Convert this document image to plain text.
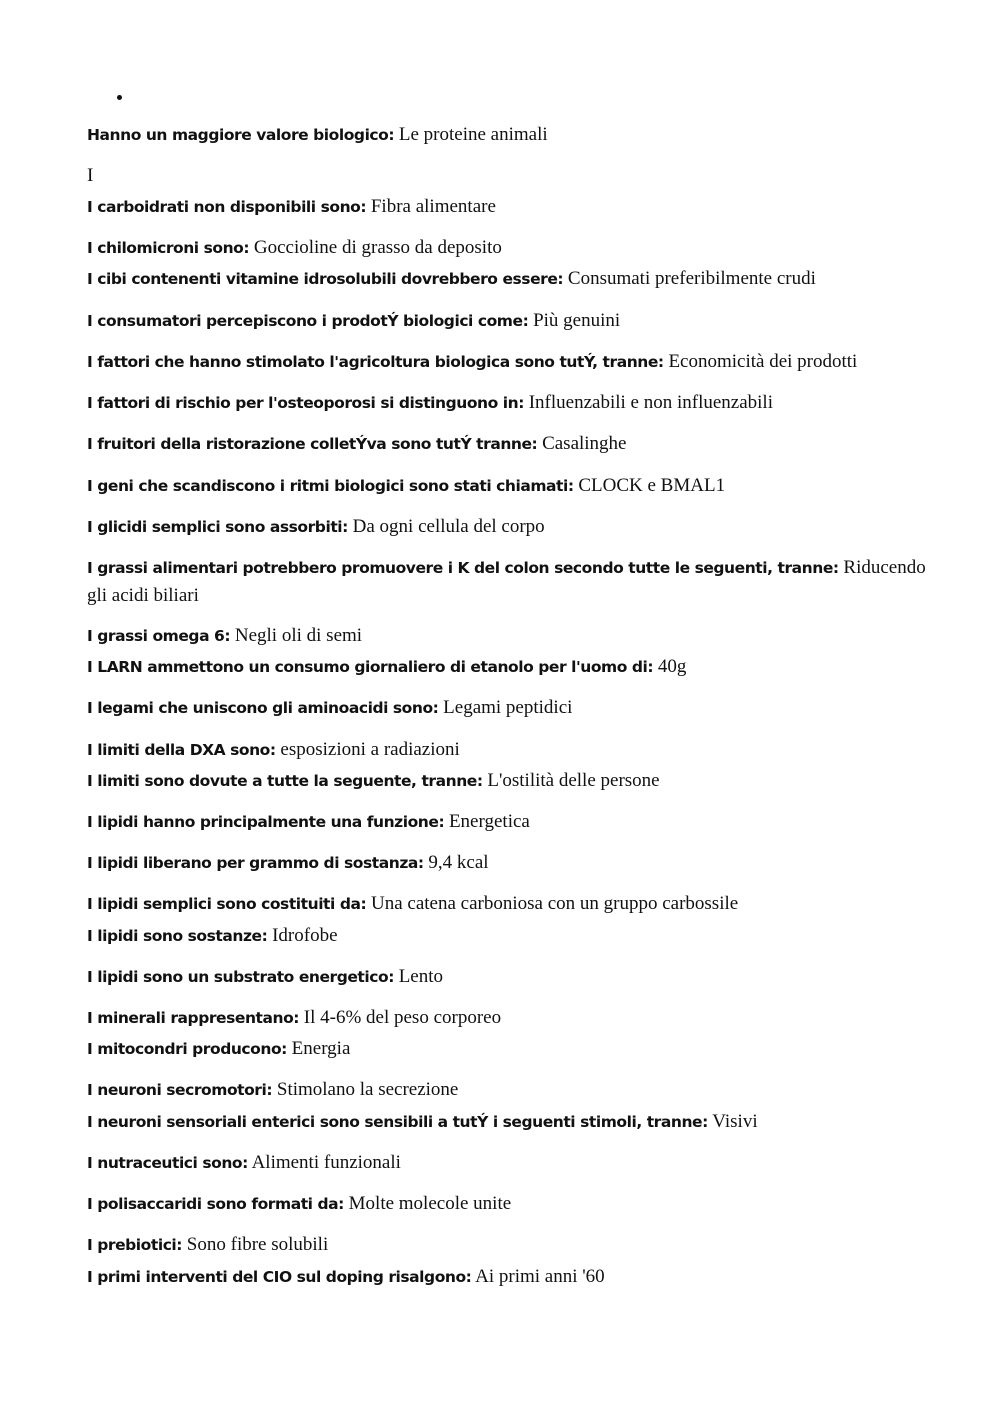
Hanno un maggiore valore biologico: Le proteine animali
I
I carboidrati non disponibili sono: Fibra alimentare
I chilomicroni sono: Goccioline di grasso da deposito
I cibi contenenti vitamine idrosolubili dovrebbero essere: Consumati preferibilmente crudi
I consumatori percepiscono i prodotÝ biologici come: Più genuini
I fattori che hanno stimolato l'agricoltura biologica sono tutÝ, tranne: Economicità dei prodotti
I fattori di rischio per l'osteoporosi si distinguono in: Influenzabili e non influenzabili
I fruitori della ristorazione colletÝva sono tutÝ tranne: Casalinghe
I geni che scandiscono i ritmi biologici sono stati chiamati: CLOCK e BMAL1
I glicidi semplici sono assorbiti: Da ogni cellula del corpo
I grassi alimentari potrebbero promuovere i K del colon secondo tutte le seguenti, tranne: Riducendo gli acidi biliari
I grassi omega 6: Negli oli di semi
I LARN ammettono un consumo giornaliero di etanolo per l'uomo di: 40g
I legami che uniscono gli aminoacidi sono: Legami peptidici
I limiti della DXA sono: esposizioni a radiazioni
I limiti sono dovute a tutte la seguente, tranne: L'ostilità delle persone
I lipidi hanno principalmente una funzione: Energetica
I lipidi liberano per grammo di sostanza: 9,4 kcal
I lipidi semplici sono costituiti da: Una catena carboniosa con un gruppo carbossile
I lipidi sono sostanze: Idrofobe
I lipidi sono un substrato energetico: Lento
I minerali rappresentano: Il 4-6% del peso corporeo
I mitocondri producono: Energia
I neuroni secromotori: Stimolano la secrezione
I neuroni sensoriali enterici sono sensibili a tutÝ i seguenti stimoli, tranne: Visivi
I nutraceutici sono: Alimenti funzionali
I polisaccaridi sono formati da: Molte molecole unite
I prebiotici: Sono fibre solubili
I primi interventi del CIO sul doping risalgono: Ai primi anni '60
